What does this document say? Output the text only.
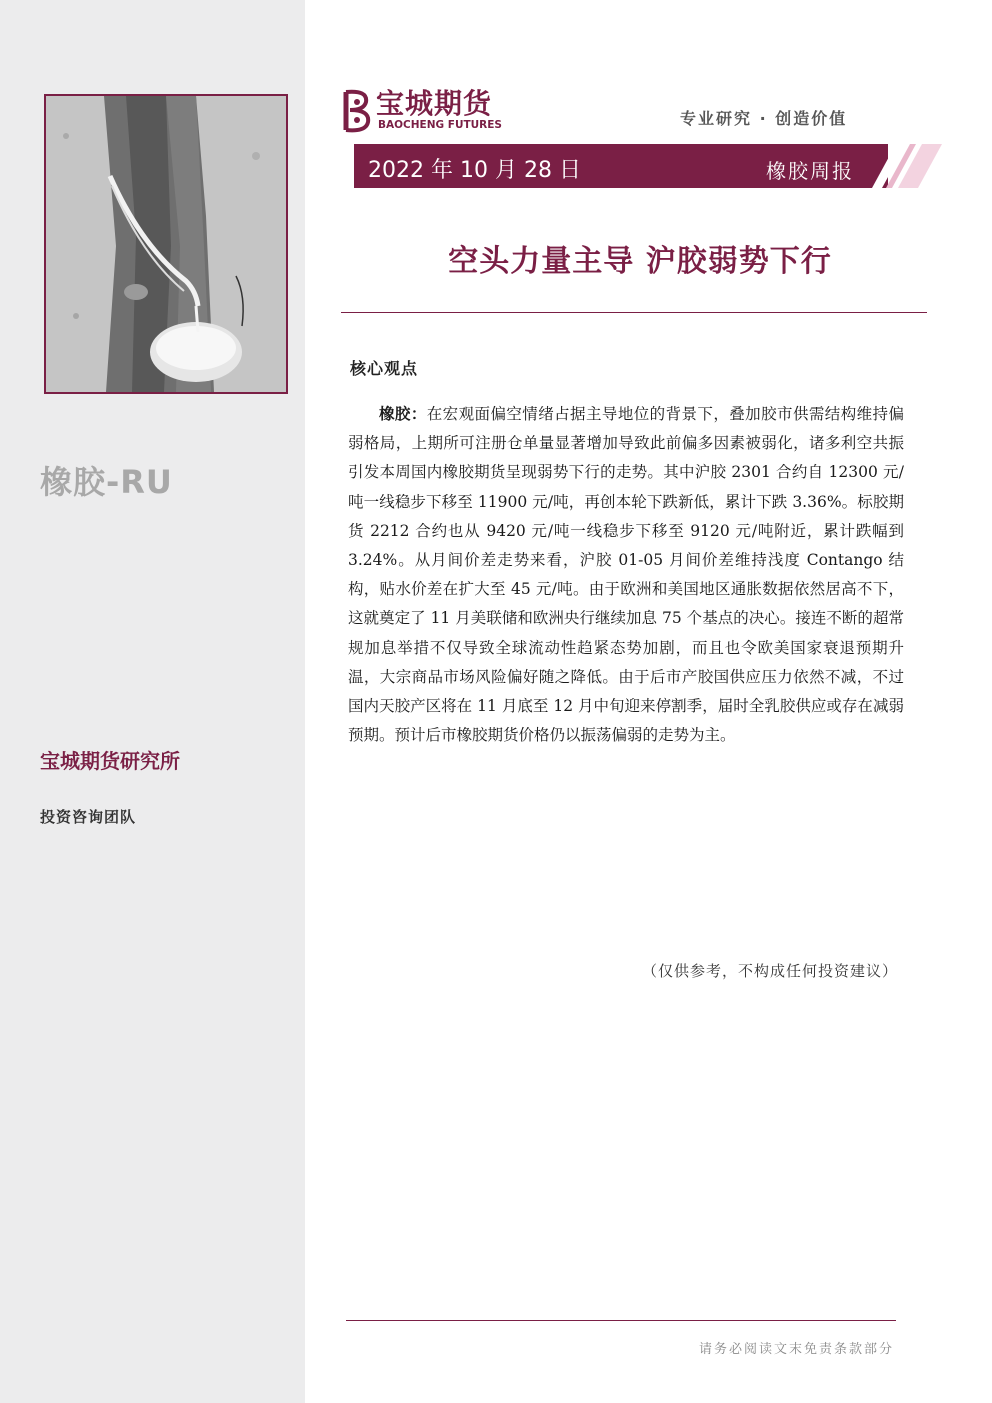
橡胶-RU
宝城期货研究所
投资咨询团队
宝城期货
BAOCHENG FUTURES	专业研究 · 创造价值
2022 年 10 月 28 日	橡胶周报
空头力量主导 沪胶弱势下行
核心观点

橡胶：在宏观面偏空情绪占据主导地位的背景下，叠加胶市供需结构维持偏弱格局，上期所可注册仓单量显著增加导致此前偏多因素被弱化，诸多利空共振引发本周国内橡胶期货呈现弱势下行的走势。其中沪胶 2301 合约自 12300 元/吨一线稳步下移至 11900 元/吨，再创本轮下跌新低，累计下跌 3.36%。标胶期货 2212 合约也从 9420 元/吨一线稳步下移至 9120 元/吨附近，累计跌幅到 3.24%。从月间价差走势来看，沪胶 01-05 月间价差维持浅度 Contango 结构，贴水价差在扩大至 45 元/吨。由于欧洲和美国地区通胀数据依然居高不下，这就奠定了 11 月美联储和欧洲央行继续加息 75 个基点的决心。接连不断的超常规加息举措不仅导致全球流动性趋紧态势加剧，而且也令欧美国家衰退预期升温，大宗商品市场风险偏好随之降低。由于后市产胶国供应压力依然不减，不过国内天胶产区将在 11 月底至 12 月中旬迎来停割季，届时全乳胶供应或存在减弱预期。预计后市橡胶期货价格仍以振荡偏弱的走势为主。

（仅供参考，不构成任何投资建议）
请务必阅读文末免责条款部分
